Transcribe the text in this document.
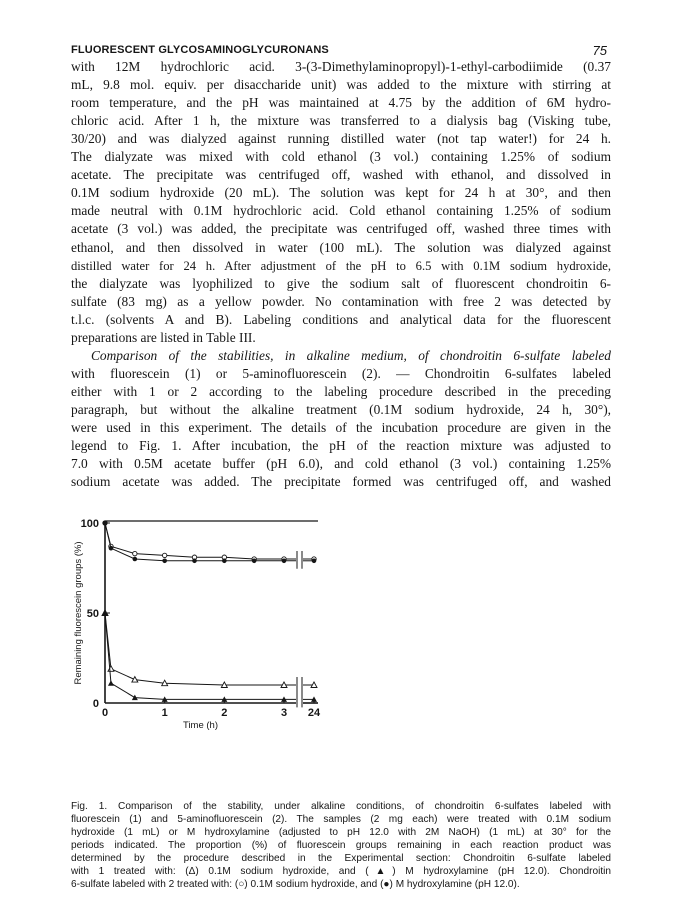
FLUORESCENT GLYCOSAMINOGLYCURONANS	75
with 12M hydrochloric acid. 3-(3-Dimethylaminopropyl)-1-ethyl-carbodiimide (0.37
mL, 9.8 mol. equiv. per disaccharide unit) was added to the mixture with stirring at
room temperature, and the pH was maintained at 4.75 by the addition of 6M hydro-
chloric acid. After 1 h, the mixture was transferred to a dialysis bag (Visking tube,
30/20) and was dialyzed against running distilled water (not tap water!) for 24 h.
The dialyzate was mixed with cold ethanol (3 vol.) containing 1.25% of sodium
acetate. The precipitate was centrifuged off, washed with ethanol, and dissolved in
0.1M sodium hydroxide (20 mL). The solution was kept for 24 h at 30°, and then
made neutral with 0.1M hydrochloric acid. Cold ethanol containing 1.25% of sodium
acetate (3 vol.) was added, the precipitate was centrifuged off, washed three times with
ethanol, and then dissolved in water (100 mL). The solution was dialyzed against
distilled water for 24 h. After adjustment of the pH to 6.5 with 0.1M sodium hydroxide,
the dialyzate was lyophilized to give the sodium salt of fluorescent chondroitin 6-
sulfate (83 mg) as a yellow powder. No contamination with free 2 was detected by
t.l.c. (solvents A and B). Labeling conditions and analytical data for the fluorescent
preparations are listed in Table III.
Comparison of the stabilities, in alkaline medium, of chondroitin 6-sulfate labeled
with fluorescein (1) or 5-aminofluorescein (2). — Chondroitin 6-sulfates labeled
either with 1 or 2 according to the labeling procedure described in the preceding
paragraph, but without the alkaline treatment (0.1M sodium hydroxide, 24 h, 30°),
were used in this experiment. The details of the incubation procedure are given in the
legend to Fig. 1. After incubation, the pH of the reaction mixture was adjusted to
7.0 with 0.5M acetate buffer (pH 6.0), and cold ethanol (3 vol.) containing 1.25%
sodium acetate was added. The precipitate formed was centrifuged off, and washed
0
50
100
0	1	2	3 24
Time (h)
Remaining fluorescein groups (%)
Fig. 1. Comparison of the stability, under alkaline conditions, of chondroitin 6-sulfates labeled with
fluorescein (1) and 5-aminofluorescein (2). The samples (2 mg each) were treated with 0.1M sodium
hydroxide (1 mL) or M hydroxylamine (adjusted to pH 12.0 with 2M NaOH) (1 mL) at 30° for the
periods indicated. The proportion (%) of fluorescein groups remaining in each reaction product was
determined by the procedure described in the Experimental section: Chondroitin 6-sulfate labeled
with 1 treated with: (Δ) 0.1M sodium hydroxide, and (▲) M hydroxylamine (pH 12.0). Chondroitin
6-sulfate labeled with 2 treated with: (○) 0.1M sodium hydroxide, and (●) M hydroxylamine (pH 12.0).
